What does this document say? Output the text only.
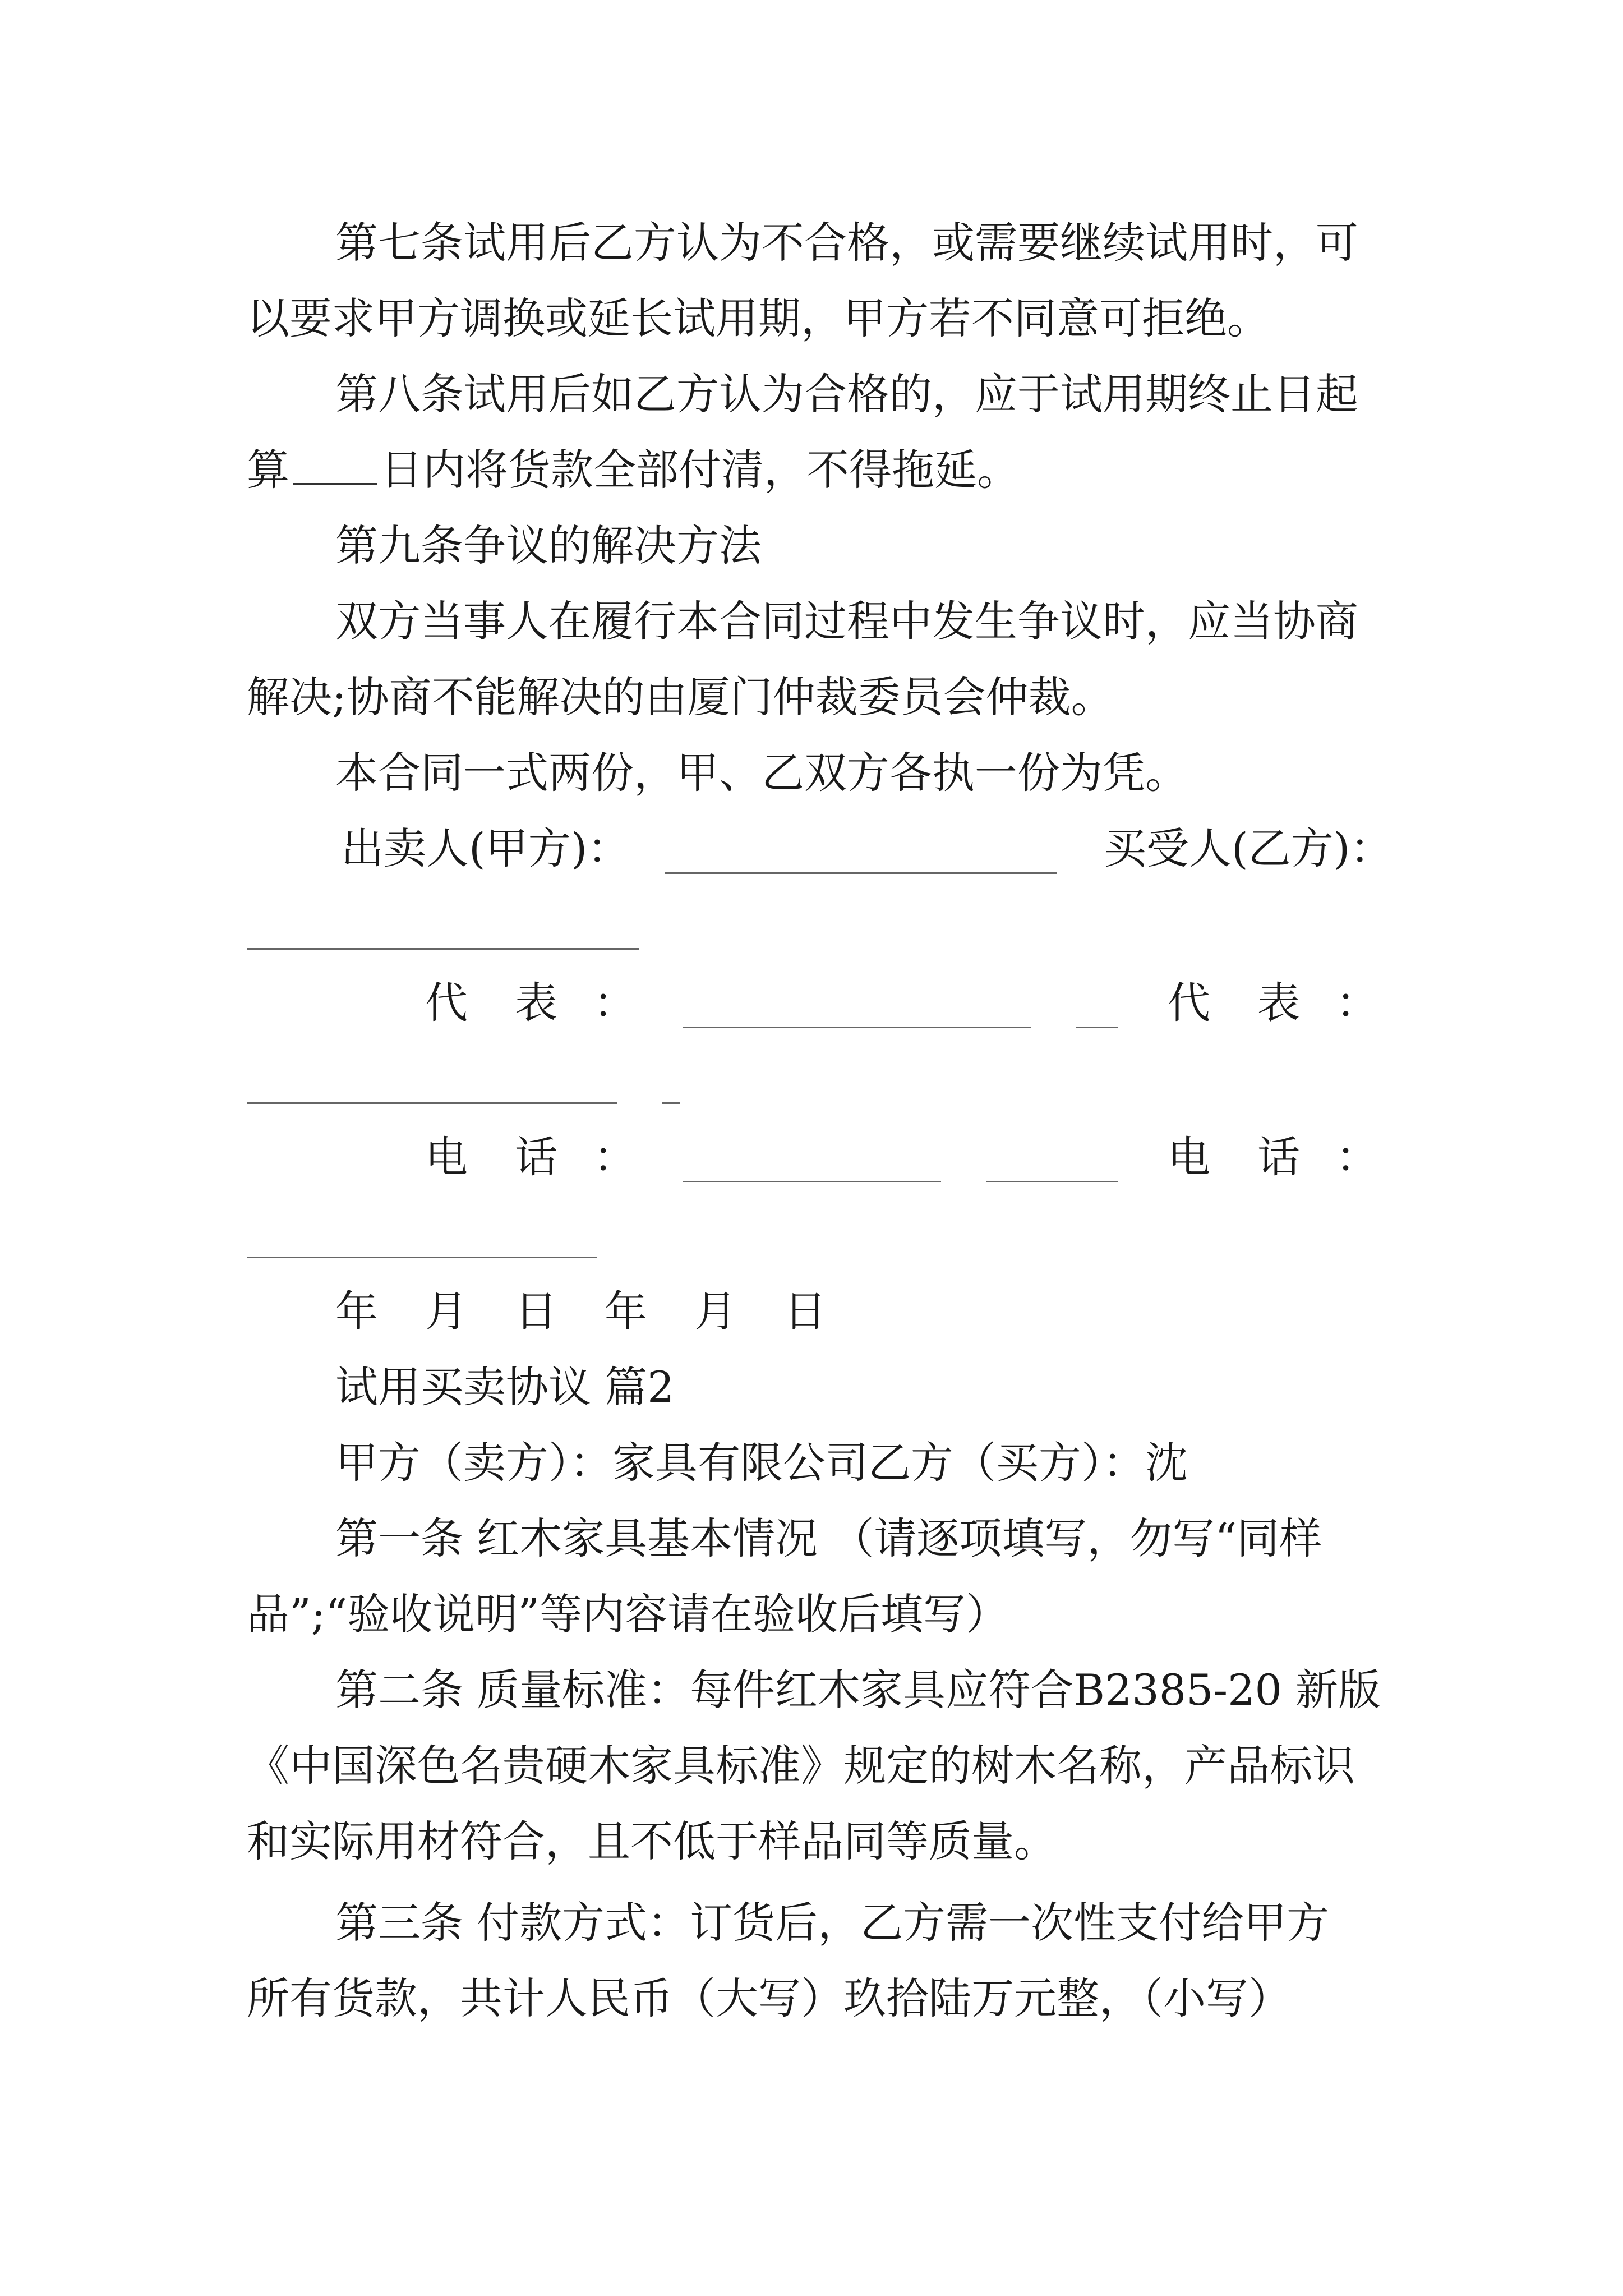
第七条试用后乙方认为不合格，或需要继续试用时，可
以要求甲方调换或延长试用期，甲方若不同意可拒绝。
第八条试用后如乙方认为合格的，应于试用期终止日起
算 日内将货款全部付清，不得拖延。
第九条争议的解决方法
双方当事人在履行本合同过程中发生争议时，应当协商
解决;协商不能解决的由厦门仲裁委员会仲裁。
本合同一式两份，甲、乙双方各执一份为凭。
出卖人(甲方)：	买受人(乙方)：
代 表 ：	代 表 ：
电 话 ：	电 话 ：
年 月 日 年 月 日
试用买卖协议 篇2
甲方（卖方）：家具有限公司乙方（买方）：沈
第一条 红木家具基本情况 （请逐项填写，勿写“同样
品”;“验收说明”等内容请在验收后填写）
第二条 质量标准：每件红木家具应符合B2385-20 新版
《中国深色名贵硬木家具标准》规定的树木名称，产品标识
和实际用材符合，且不低于样品同等质量。
第三条 付款方式：订货后，乙方需一次性支付给甲方
所有货款，共计人民币（大写）玖拾陆万元整，（小写）
